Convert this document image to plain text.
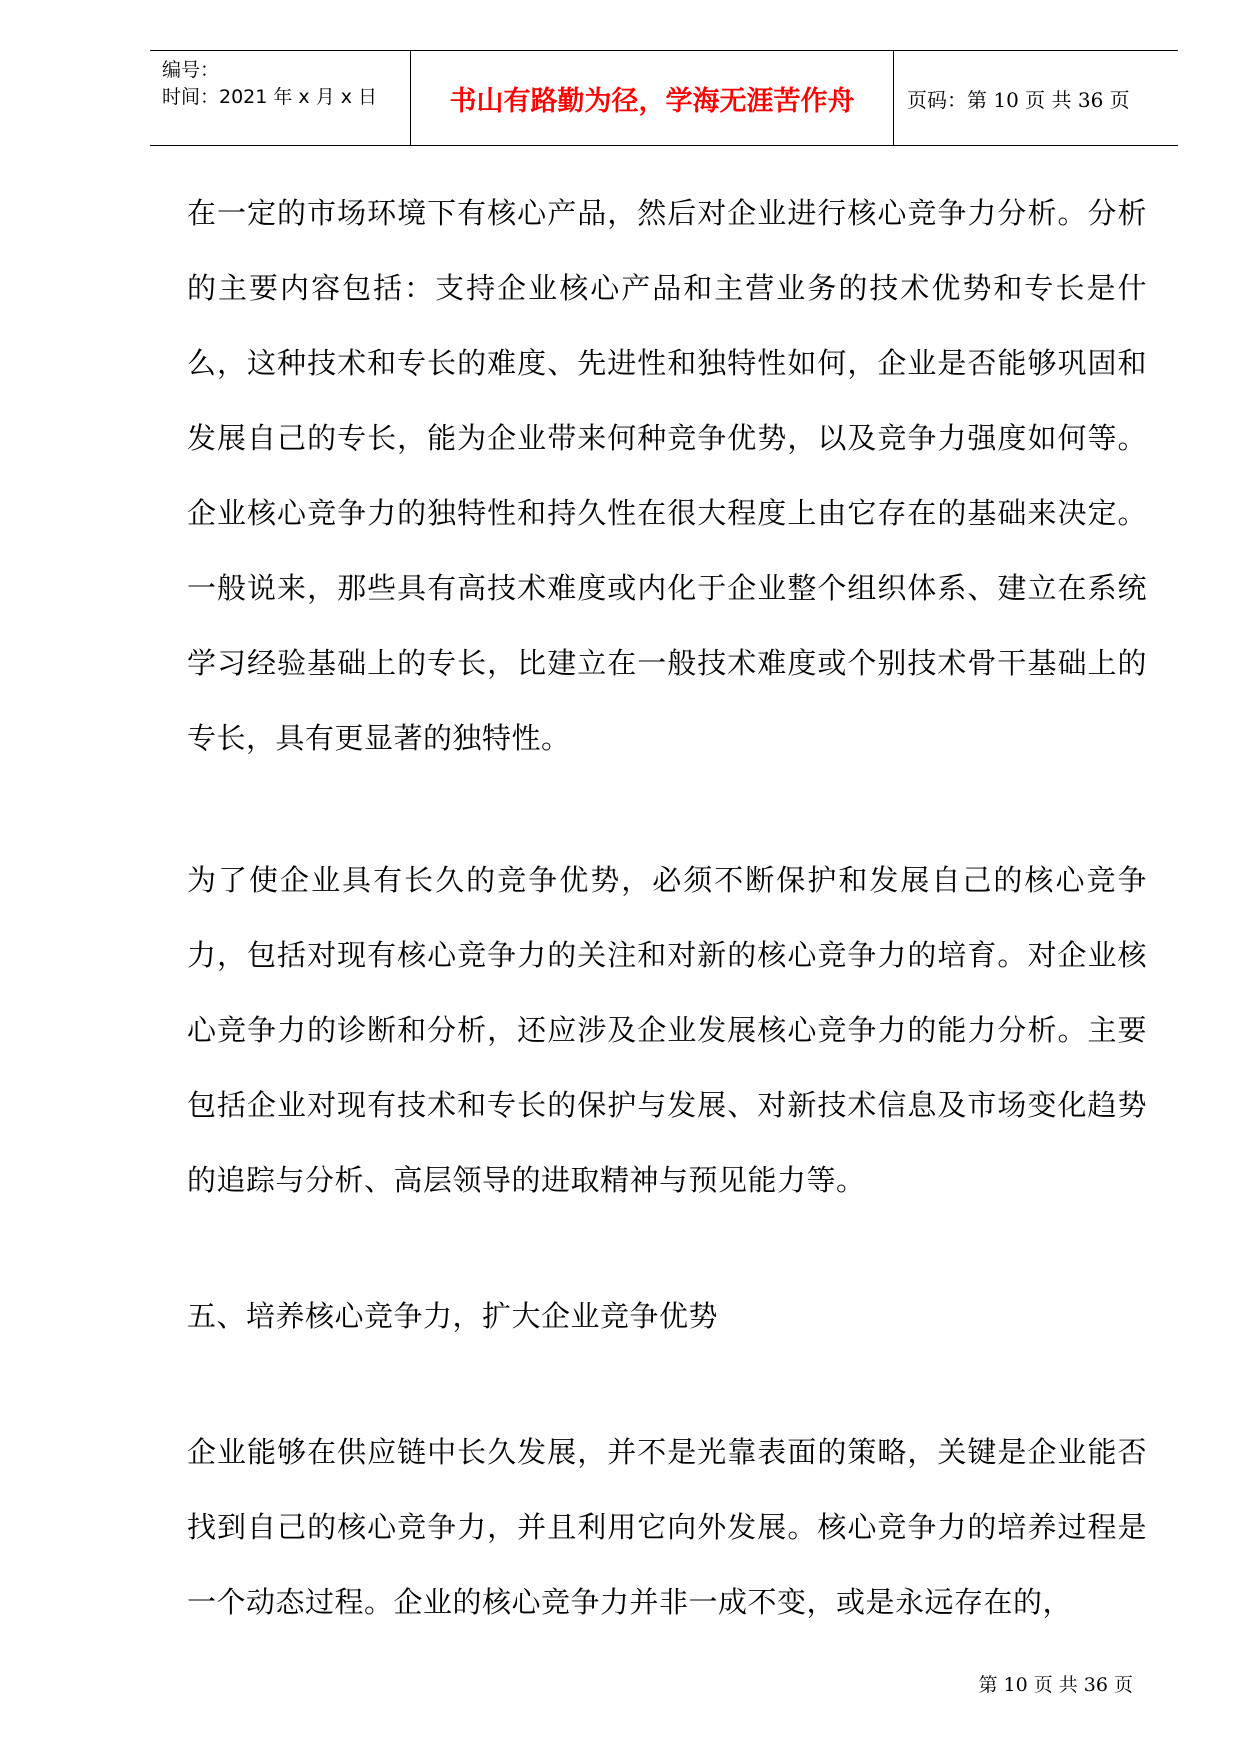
编号：
时间：2021 年 x 月 x 日	书山有路勤为径，学海无涯苦作舟	页码：第 10 页 共 36 页

在一定的市场环境下有核心产品，然后对企业进行核心竞争力分析。分析的主要内容包括：支持企业核心产品和主营业务的技术优势和专长是什么，这种技术和专长的难度、先进性和独特性如何，企业是否能够巩固和发展自己的专长，能为企业带来何种竞争优势，以及竞争力强度如何等。企业核心竞争力的独特性和持久性在很大程度上由它存在的基础来决定。一般说来，那些具有高技术难度或内化于企业整个组织体系、建立在系统学习经验基础上的专长，比建立在一般技术难度或个别技术骨干基础上的专长，具有更显著的独特性。

为了使企业具有长久的竞争优势，必须不断保护和发展自己的核心竞争力，包括对现有核心竞争力的关注和对新的核心竞争力的培育。对企业核心竞争力的诊断和分析，还应涉及企业发展核心竞争力的能力分析。主要包括企业对现有技术和专长的保护与发展、对新技术信息及市场变化趋势的追踪与分析、高层领导的进取精神与预见能力等。

五、培养核心竞争力，扩大企业竞争优势

企业能够在供应链中长久发展，并不是光靠表面的策略，关键是企业能否找到自己的核心竞争力，并且利用它向外发展。核心竞争力的培养过程是一个动态过程。企业的核心竞争力并非一成不变，或是永远存在的，

第 10 页 共 36 页
